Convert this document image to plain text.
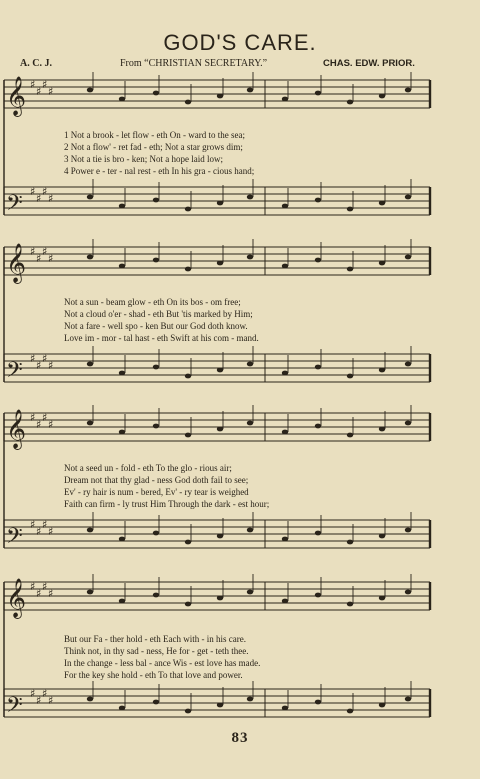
GOD'S CARE.
A. C. J.	From “CHRISTIAN SECRETARY.”	CHAS. EDW. PRIOR.
𝄞 ♯
♯
♯
♯
𝄢 ♯
♯
♯
♯
𝄞 ♯
♯
♯
♯
𝄢 ♯
♯
♯
♯
𝄞 ♯
♯
♯
♯
𝄢 ♯
♯
♯
♯
𝄞 ♯
♯
♯
♯
𝄢 ♯
♯
♯
♯
1 Not a brook - let flow - eth On - ward to the sea;
2 Not a flow' - ret fad - eth; Not a star grows dim;
3 Not a tie is bro - ken; Not a hope laid low;
4 Power e - ter - nal rest - eth In his gra - cious hand;
Not a sun - beam glow - eth On its bos - om free;
Not a cloud o'er - shad - eth But 'tis marked by Him;
Not a fare - well spo - ken But our God doth know.
Love im - mor - tal hast - eth Swift at his com - mand.
Not a seed un - fold - eth To the glo - rious air;
Dream not that thy glad - ness God doth fail to see;
Ev' - ry hair is num - bered, Ev' - ry tear is weighed
Faith can firm - ly trust Him Through the dark - est hour;
But our Fa - ther hold - eth Each with - in his care.
Think not, in thy sad - ness, He for - get - teth thee.
In the change - less bal - ance Wis - est love has made.
For the key she hold - eth To that love and power.
83
